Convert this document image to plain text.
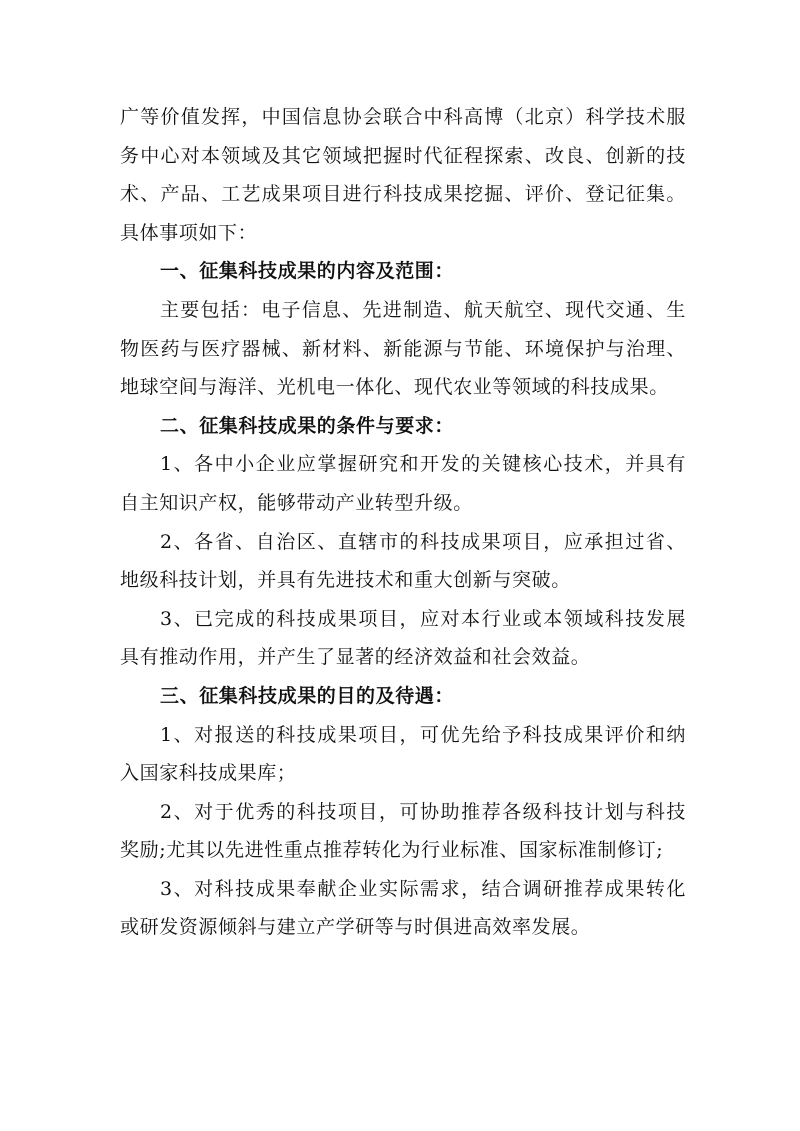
广等价值发挥，中国信息协会联合中科高博（北京）科学技术服
务中心对本领域及其它领域把握时代征程探索、改良、创新的技
术、产品、工艺成果项目进行科技成果挖掘、评价、登记征集。
具体事项如下：
一、征集科技成果的内容及范围：
主要包括：电子信息、先进制造、航天航空、现代交通、生
物医药与医疗器械、新材料、新能源与节能、环境保护与治理、
地球空间与海洋、光机电一体化、现代农业等领域的科技成果。
二、征集科技成果的条件与要求：
1、各中小企业应掌握研究和开发的关键核心技术，并具有
自主知识产权，能够带动产业转型升级。
2、各省、自治区、直辖市的科技成果项目，应承担过省、
地级科技计划，并具有先进技术和重大创新与突破。
3、已完成的科技成果项目，应对本行业或本领域科技发展
具有推动作用，并产生了显著的经济效益和社会效益。
三、征集科技成果的目的及待遇：
1、对报送的科技成果项目，可优先给予科技成果评价和纳
入国家科技成果库；
2、对于优秀的科技项目，可协助推荐各级科技计划与科技
奖励;尤其以先进性重点推荐转化为行业标准、国家标准制修订;
3、对科技成果奉献企业实际需求，结合调研推荐成果转化
或研发资源倾斜与建立产学研等与时俱进高效率发展。
